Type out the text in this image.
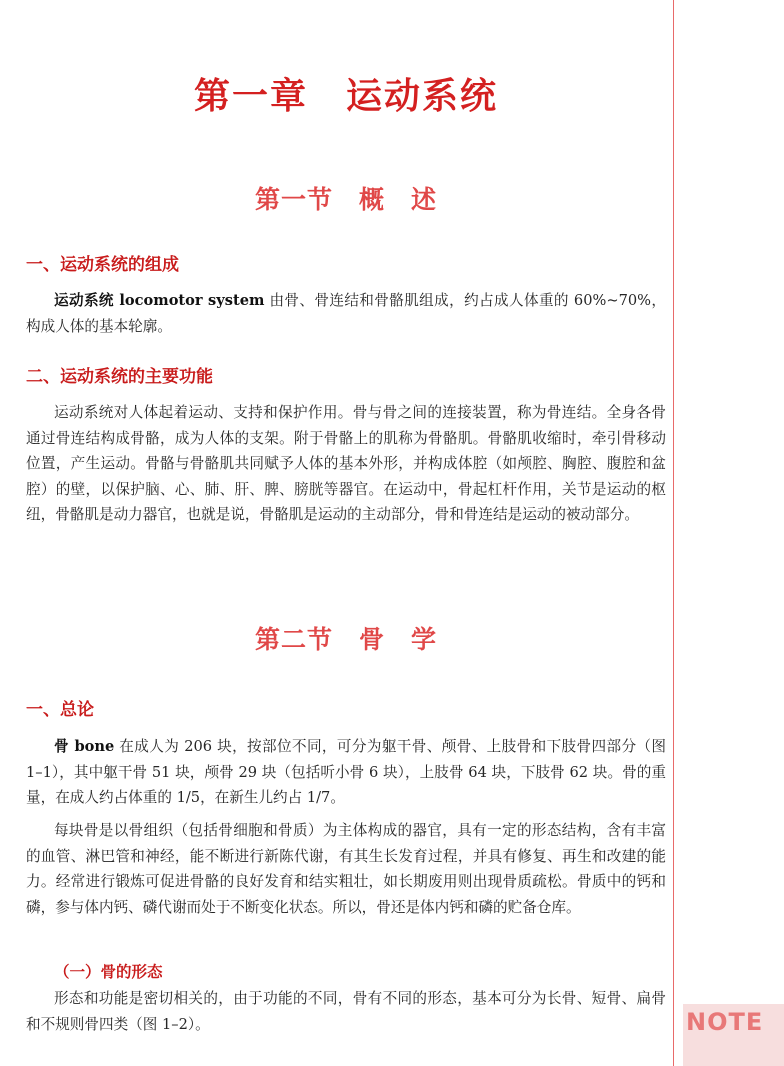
第一章　运动系统
第一节　概　述
一、运动系统的组成
运动系统 locomotor system 由骨、骨连结和骨骼肌组成，约占成人体重的 60%~70%，构成人体的基本轮廓。
二、运动系统的主要功能
运动系统对人体起着运动、支持和保护作用。骨与骨之间的连接装置，称为骨连结。全身各骨通过骨连结构成骨骼，成为人体的支架。附于骨骼上的肌称为骨骼肌。骨骼肌收缩时，牵引骨移动位置，产生运动。骨骼与骨骼肌共同赋予人体的基本外形，并构成体腔（如颅腔、胸腔、腹腔和盆腔）的壁，以保护脑、心、肺、肝、脾、膀胱等器官。在运动中，骨起杠杆作用，关节是运动的枢纽，骨骼肌是动力器官，也就是说，骨骼肌是运动的主动部分，骨和骨连结是运动的被动部分。
第二节　骨　学
一、总论
骨 bone 在成人为 206 块，按部位不同，可分为躯干骨、颅骨、上肢骨和下肢骨四部分（图 1–1），其中躯干骨 51 块，颅骨 29 块（包括听小骨 6 块），上肢骨 64 块，下肢骨 62 块。骨的重量，在成人约占体重的 1/5，在新生儿约占 1/7。
每块骨是以骨组织（包括骨细胞和骨质）为主体构成的器官，具有一定的形态结构，含有丰富的血管、淋巴管和神经，能不断进行新陈代谢，有其生长发育过程，并具有修复、再生和改建的能力。经常进行锻炼可促进骨骼的良好发育和结实粗壮，如长期废用则出现骨质疏松。骨质中的钙和磷，参与体内钙、磷代谢而处于不断变化状态。所以，骨还是体内钙和磷的贮备仓库。
（一）骨的形态
形态和功能是密切相关的，由于功能的不同，骨有不同的形态，基本可分为长骨、短骨、扁骨和不规则骨四类（图 1–2）。	NOTE
